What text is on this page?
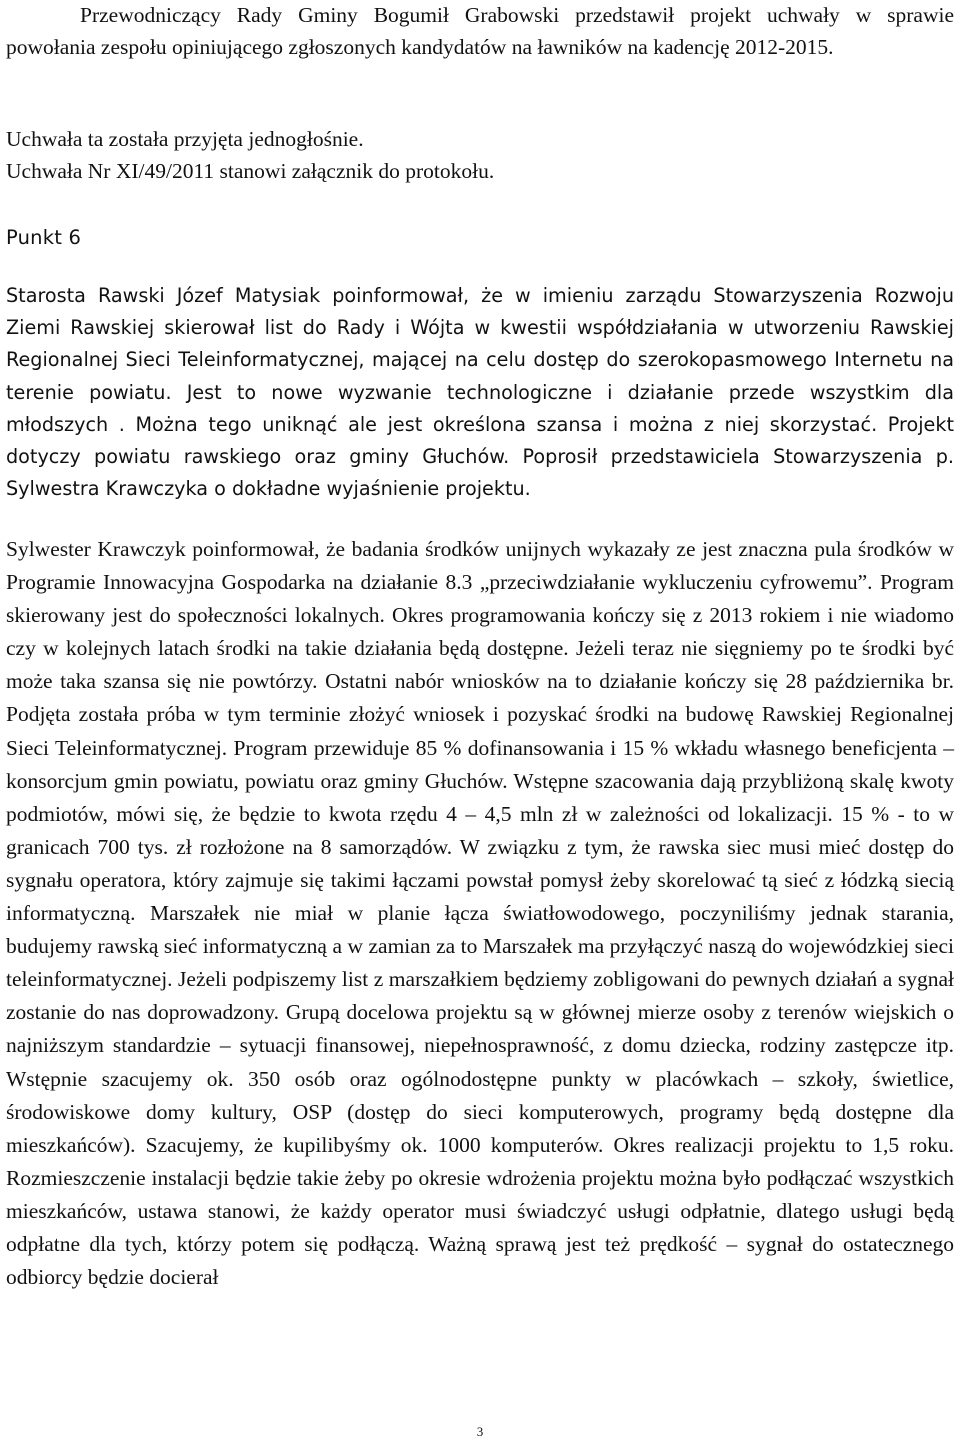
Przewodniczący Rady Gminy Bogumił Grabowski przedstawił projekt uchwały w sprawie powołania zespołu opiniującego zgłoszonych kandydatów na ławników na kadencję 2012-2015.

Uchwała ta została przyjęta jednogłośnie.

Uchwała Nr XI/49/2011 stanowi załącznik do protokołu.

Punkt 6

Starosta Rawski Józef Matysiak poinformował, że w imieniu zarządu Stowarzyszenia Rozwoju Ziemi Rawskiej skierował list do Rady i Wójta w kwestii współdziałania w utworzeniu Rawskiej Regionalnej Sieci Teleinformatycznej, mającej na celu dostęp do szerokopasmowego Internetu na terenie powiatu. Jest to nowe wyzwanie technologiczne i działanie przede wszystkim dla młodszych . Można tego uniknąć ale jest określona szansa i można z niej skorzystać. Projekt dotyczy powiatu rawskiego oraz gminy Głuchów. Poprosił przedstawiciela Stowarzyszenia p. Sylwestra Krawczyka o dokładne wyjaśnienie projektu.

Sylwester Krawczyk poinformował, że badania środków unijnych wykazały ze jest znaczna pula środków w Programie Innowacyjna Gospodarka na działanie 8.3 „przeciwdziałanie wykluczeniu cyfrowemu”. Program skierowany jest do społeczności lokalnych. Okres programowania kończy się z 2013 rokiem i nie wiadomo czy w kolejnych latach środki na takie działania będą dostępne. Jeżeli teraz nie sięgniemy po te środki być może taka szansa się nie powtórzy. Ostatni nabór wniosków na to działanie kończy się 28 października br. Podjęta została próba w tym terminie złożyć wniosek i pozyskać środki na budowę Rawskiej Regionalnej Sieci Teleinformatycznej. Program przewiduje 85 % dofinansowania i 15 % wkładu własnego beneficjenta – konsorcjum gmin powiatu, powiatu oraz gminy Głuchów. Wstępne szacowania dają przybliżoną skalę kwoty podmiotów, mówi się, że będzie to kwota rzędu 4 – 4,5 mln zł w zależności od lokalizacji. 15 % - to w granicach 700 tys. zł rozłożone na 8 samorządów. W związku z tym, że rawska siec musi mieć dostęp do sygnału operatora, który zajmuje się takimi łączami powstał pomysł żeby skorelować tą sieć z łódzką siecią informatyczną. Marszałek nie miał w planie łącza światłowodowego, poczyniliśmy jednak starania, budujemy rawską sieć informatyczną a w zamian za to Marszałek ma przyłączyć naszą do wojewódzkiej sieci teleinformatycznej. Jeżeli podpiszemy list z marszałkiem będziemy zobligowani do pewnych działań a sygnał zostanie do nas doprowadzony. Grupą docelowa projektu są w głównej mierze osoby z terenów wiejskich o najniższym standardzie – sytuacji finansowej, niepełnosprawność, z domu dziecka, rodziny zastępcze itp. Wstępnie szacujemy ok. 350 osób oraz ogólnodostępne punkty w placówkach – szkoły, świetlice, środowiskowe domy kultury, OSP (dostęp do sieci komputerowych, programy będą dostępne dla mieszkańców). Szacujemy, że kupilibyśmy ok. 1000 komputerów. Okres realizacji projektu to 1,5 roku. Rozmieszczenie instalacji będzie takie żeby po okresie wdrożenia projektu można było podłączać wszystkich mieszkańców, ustawa stanowi, że każdy operator musi świadczyć usługi odpłatnie, dlatego usługi będą odpłatne dla tych, którzy potem się podłączą. Ważną sprawą jest też prędkość – sygnał do ostatecznego odbiorcy będzie docierał

3
